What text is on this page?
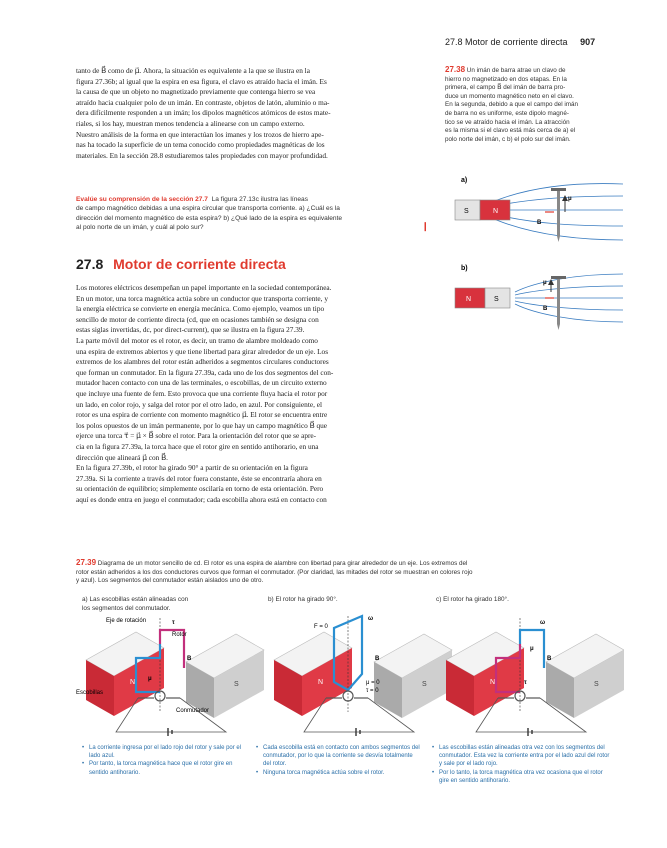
27.8 Motor de corriente directa 907
tanto de B⃗ como de μ⃗. Ahora, la situación es equivalente a la que se ilustra en la
figura 27.36b; al igual que la espira en esa figura, el clavo es atraído hacia el imán. Es
la causa de que un objeto no magnetizado previamente que contenga hierro se vea
atraído hacia cualquier polo de un imán. En contraste, objetos de latón, aluminio o ma-
dera difícilmente responden a un imán; los dipolos magnéticos atómicos de estos mate-
riales, si los hay, muestran menos tendencia a alinearse con un campo externo.
Nuestro análisis de la forma en que interactúan los imanes y los trozos de hierro ape-
nas ha tocado la superficie de un tema conocido como propiedades magnéticas de los
materiales. En la sección 28.8 estudiaremos tales propiedades con mayor profundidad.
Evalúe su comprensión de la sección 27.7 La figura 27.13c ilustra las líneas
de campo magnético debidas a una espira circular que transporta corriente. a) ¿Cuál es la
dirección del momento magnético de esta espira? b) ¿Qué lado de la espira es equivalente
al polo norte de un imán, y cuál al polo sur?	❙
27.8 Motor de corriente directa
Los motores eléctricos desempeñan un papel importante en la sociedad contemporánea.
En un motor, una torca magnética actúa sobre un conductor que transporta corriente, y
la energía eléctrica se convierte en energía mecánica. Como ejemplo, veamos un tipo
sencillo de motor de corriente directa (cd, que en ocasiones también se designa con
estas siglas invertidas, dc, por direct-current), que se ilustra en la figura 27.39.
La parte móvil del motor es el rotor, es decir, un tramo de alambre moldeado como
una espira de extremos abiertos y que tiene libertad para girar alrededor de un eje. Los
extremos de los alambres del rotor están adheridos a segmentos circulares conductores
que forman un conmutador. En la figura 27.39a, cada uno de los dos segmentos del con-
mutador hacen contacto con una de las terminales, o escobillas, de un circuito externo
que incluye una fuente de fem. Esto provoca que una corriente fluya hacia el rotor por
un lado, en color rojo, y salga del rotor por el otro lado, en azul. Por consiguiente, el
rotor es una espira de corriente con momento magnético μ⃗. El rotor se encuentra entre
los polos opuestos de un imán permanente, por lo que hay un campo magnético B⃗ que
ejerce una torca τ⃗ = μ⃗ × B⃗ sobre el rotor. Para la orientación del rotor que se apre-
cia en la figura 27.39a, la torca hace que el rotor gire en sentido antihorario, en una
dirección que alineará μ⃗ con B⃗.
En la figura 27.39b, el rotor ha girado 90° a partir de su orientación en la figura
27.39a. Si la corriente a través del rotor fuera constante, éste se encontraría ahora en
su orientación de equilibrio; simplemente oscilaría en torno de esta orientación. Pero
aquí es donde entra en juego el conmutador; cada escobilla ahora está en contacto con
27.38 Un imán de barra atrae un clavo de
hierro no magnetizado en dos etapas. En la
primera, el campo B⃗ del imán de barra pro-
duce un momento magnético neto en el clavo.
En la segunda, debido a que el campo del imán
de barra no es uniforme, este dipolo magné-
tico se ve atraído hacia el imán. La atracción
es la misma si el clavo está más cerca de a) el
polo norte del imán, c b) el polo sur del imán.
a)
S	N
μ
B
b)
N	S
μ
B
27.39 Diagrama de un motor sencillo de cd. El rotor es una espira de alambre con libertad para girar alrededor de un eje. Los extremos del
rotor están adheridos a los dos conductores curvos que forman el conmutador. (Por claridad, las mitades del rotor se muestran en colores rojo
y azul). Los segmentos del conmutador están aislados uno de otro.
a) Las escobillas están alineadas con
los segmentos del conmutador.
b) El rotor ha girado 90°.	c) El rotor ha girado 180°.
N	S
Eje de rotación
Rotor
Escobillas
Conmutador
B
μ
τ
N	S
F = 0
μ = 0
τ = 0
ω
B
N	S
ω
B
μ
τ
• La corriente ingresa por el lado rojo del rotor y sale por el lado azul.
• Por tanto, la torca magnética hace que el rotor gire en sentido antihorario.
• Cada escobilla está en contacto con ambos segmentos del conmutador, por lo que la corriente se desvía totalmente del rotor.
• Ninguna torca magnética actúa sobre el rotor.
• Las escobillas están alineadas otra vez con los segmentos del conmutador. Esta vez la corriente entra por el lado azul del rotor y sale por el lado rojo.
• Por lo tanto, la torca magnética otra vez ocasiona que el rotor gire en sentido antihorario.
